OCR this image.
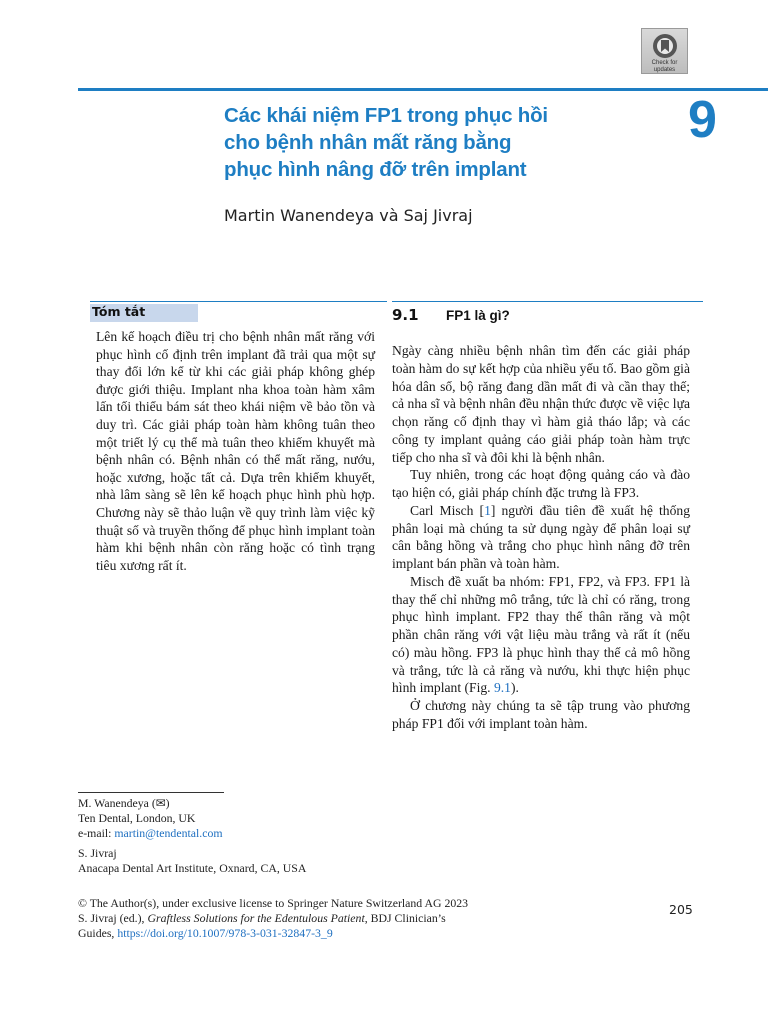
Check for
updates
Các khái niệm FP1 trong phục hồi
cho bệnh nhân mất răng bằng
phục hình nâng đỡ trên implant
9
Martin Wanendeya và Saj Jivraj
Tóm tắt
Lên kế hoạch điều trị cho bệnh nhân mất răng với phục hình cố định trên implant đã trải qua một sự thay đổi lớn kể từ khi các giải pháp không ghép được giới thiệu. Implant nha khoa toàn hàm xâm lấn tối thiểu bám sát theo khái niệm về bảo tồn và duy trì. Các giải pháp toàn hàm không tuân theo một triết lý cụ thể mà tuân theo khiếm khuyết mà bệnh nhân có. Bệnh nhân có thể mất răng, nướu, hoặc xương, hoặc tất cả. Dựa trên khiếm khuyết, nhà lâm sàng sẽ lên kế hoạch phục hình phù hợp. Chương này sẽ thảo luận về quy trình làm việc kỹ thuật số và truyền thống để phục hình implant toàn hàm khi bệnh nhân còn răng hoặc có tình trạng tiêu xương rất ít.
9.1 FP1 là gì?

Ngày càng nhiều bệnh nhân tìm đến các giải pháp toàn hàm do sự kết hợp của nhiều yếu tố. Bao gồm già hóa dân số, bộ răng đang dần mất đi và cần thay thế; cả nha sĩ và bệnh nhân đều nhận thức được về việc lựa chọn răng cố định thay vì hàm giả tháo lắp; và các công ty implant quảng cáo giải pháp toàn hàm trực tiếp cho nha sĩ và đôi khi là bệnh nhân.

Tuy nhiên, trong các hoạt động quảng cáo và đào tạo hiện có, giải pháp chính đặc trưng là FP3.

Carl Misch [1] người đầu tiên đề xuất hệ thống phân loại mà chúng ta sử dụng ngày để phân loại sự cân bằng hồng và trắng cho phục hình nâng đỡ trên implant bán phần và toàn hàm.

Misch đề xuất ba nhóm: FP1, FP2, và FP3. FP1 là thay thế chỉ những mô trắng, tức là chỉ có răng, trong phục hình implant. FP2 thay thế thân răng và một phần chân răng với vật liệu màu trắng và rất ít (nếu có) màu hồng. FP3 là phục hình thay thế cả mô hồng và trắng, tức là cả răng và nướu, khi thực hiện phục hình implant (Fig. 9.1).

Ở chương này chúng ta sẽ tập trung vào phương pháp FP1 đối với implant toàn hàm.

M. Wanendeya (✉)
Ten Dental, London, UK
e-mail: martin@tendental.com
S. Jivraj
Anacapa Dental Art Institute, Oxnard, CA, USA
© The Author(s), under exclusive license to Springer Nature Switzerland AG 2023
S. Jivraj (ed.), Graftless Solutions for the Edentulous Patient, BDJ Clinician’s
Guides, https://doi.org/10.1007/978-3-031-32847-3_9
205
